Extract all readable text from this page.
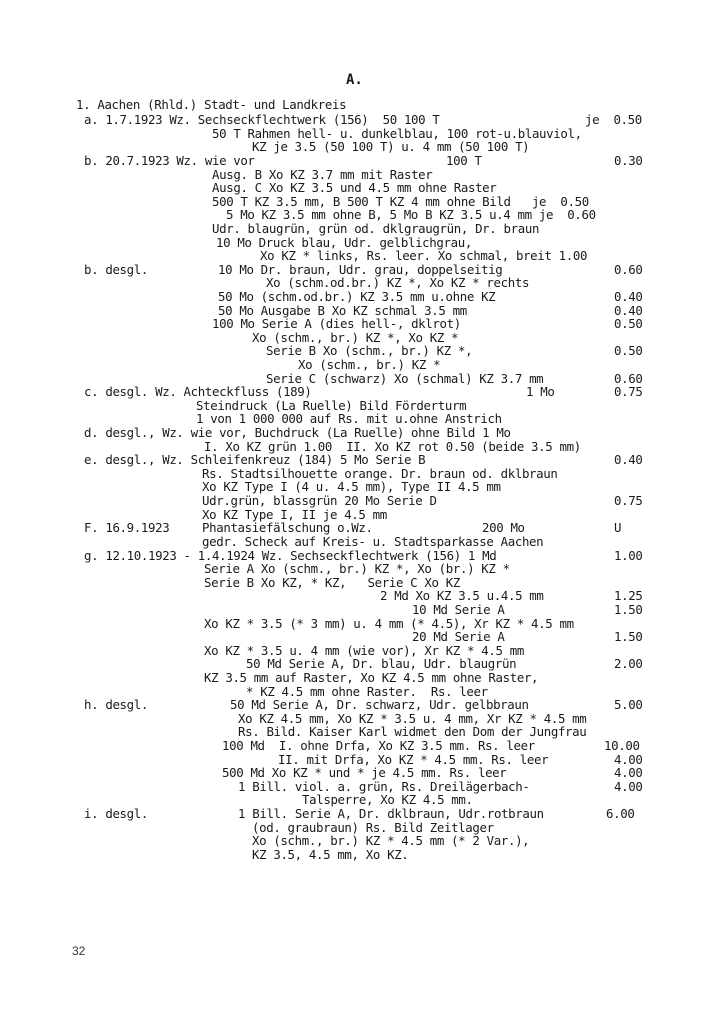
A.
1. Aachen (Rhld.) Stadt- und Landkreis
a. 1.7.1923 Wz. Sechseckflechtwerk (156)  50 100 T	je  0.50
50 T Rahmen hell- u. dunkelblau, 100 rot-u.blauviol,
KZ je 3.5 (50 100 T) u. 4 mm (50 100 T)
b. 20.7.1923 Wz. wie vor	100 T	0.30
Ausg. B Xo KZ 3.7 mm mit Raster
Ausg. C Xo KZ 3.5 und 4.5 mm ohne Raster
500 T KZ 3.5 mm, B 500 T KZ 4 mm ohne Bild   je  0.50
5 Mo KZ 3.5 mm ohne B, 5 Mo B KZ 3.5 u.4 mm je  0.60
Udr. blaugrün, grün od. dklgraugrün, Dr. braun
10 Mo Druck blau, Udr. gelblichgrau,
Xo KZ * links, Rs. leer. Xo schmal, breit 1.00
b. desgl.	10 Mo Dr. braun, Udr. grau, doppelseitig	0.60
Xo (schm.od.br.) KZ *, Xo KZ * rechts
50 Mo (schm.od.br.) KZ 3.5 mm u.ohne KZ	0.40
50 Mo Ausgabe B Xo KZ schmal 3.5 mm	0.40
100 Mo Serie A (dies hell-, dklrot)	0.50
Xo (schm., br.) KZ *, Xo KZ *
Serie B Xo (schm., br.) KZ *,	0.50
Xo (schm., br.) KZ *
Serie C (schwarz) Xo (schmal) KZ 3.7 mm	0.60
c. desgl. Wz. Achteckfluss (189)	1 Mo	0.75
Steindruck (La Ruelle) Bild Förderturm
1 von 1 000 000 auf Rs. mit u.ohne Anstrich
d. desgl., Wz. wie vor, Buchdruck (La Ruelle) ohne Bild 1 Mo
I. Xo KZ grün 1.00  II. Xo KZ rot 0.50 (beide 3.5 mm)
e. desgl., Wz. Schleifenkreuz (184) 5 Mo Serie B	0.40
Rs. Stadtsilhouette orange. Dr. braun od. dklbraun
Xo KZ Type I (4 u. 4.5 mm), Type II 4.5 mm
Udr.grün, blassgrün 20 Mo Serie D	0.75
Xo KZ Type I, II je 4.5 mm
F. 16.9.1923	Phantasiefälschung o.Wz.	200 Mo	U
gedr. Scheck auf Kreis- u. Stadtsparkasse Aachen
g. 12.10.1923 - 1.4.1924 Wz. Sechseckflechtwerk (156) 1 Md	1.00
Serie A Xo (schm., br.) KZ *, Xo (br.) KZ *
Serie B Xo KZ, * KZ,   Serie C Xo KZ
2 Md Xo KZ 3.5 u.4.5 mm	1.25
10 Md Serie A	1.50
Xo KZ * 3.5 (* 3 mm) u. 4 mm (* 4.5), Xr KZ * 4.5 mm
20 Md Serie A	1.50
Xo KZ * 3.5 u. 4 mm (wie vor), Xr KZ * 4.5 mm
50 Md Serie A, Dr. blau, Udr. blaugrün	2.00
KZ 3.5 mm auf Raster, Xo KZ 4.5 mm ohne Raster,
* KZ 4.5 mm ohne Raster.  Rs. leer
h. desgl.	50 Md Serie A, Dr. schwarz, Udr. gelbbraun	5.00
Xo KZ 4.5 mm, Xo KZ * 3.5 u. 4 mm, Xr KZ * 4.5 mm
Rs. Bild. Kaiser Karl widmet den Dom der Jungfrau
100 Md  I. ohne Drfa, Xo KZ 3.5 mm. Rs. leer	10.00
II. mit Drfa, Xo KZ * 4.5 mm. Rs. leer	4.00
500 Md Xo KZ * und * je 4.5 mm. Rs. leer	4.00
1 Bill. viol. a. grün, Rs. Dreilägerbach-	4.00
Talsperre, Xo KZ 4.5 mm.
i. desgl.	1 Bill. Serie A, Dr. dklbraun, Udr.rotbraun	6.00
(od. graubraun) Rs. Bild Zeitlager
Xo (schm., br.) KZ * 4.5 mm (* 2 Var.),
KZ 3.5, 4.5 mm, Xo KZ.
32
